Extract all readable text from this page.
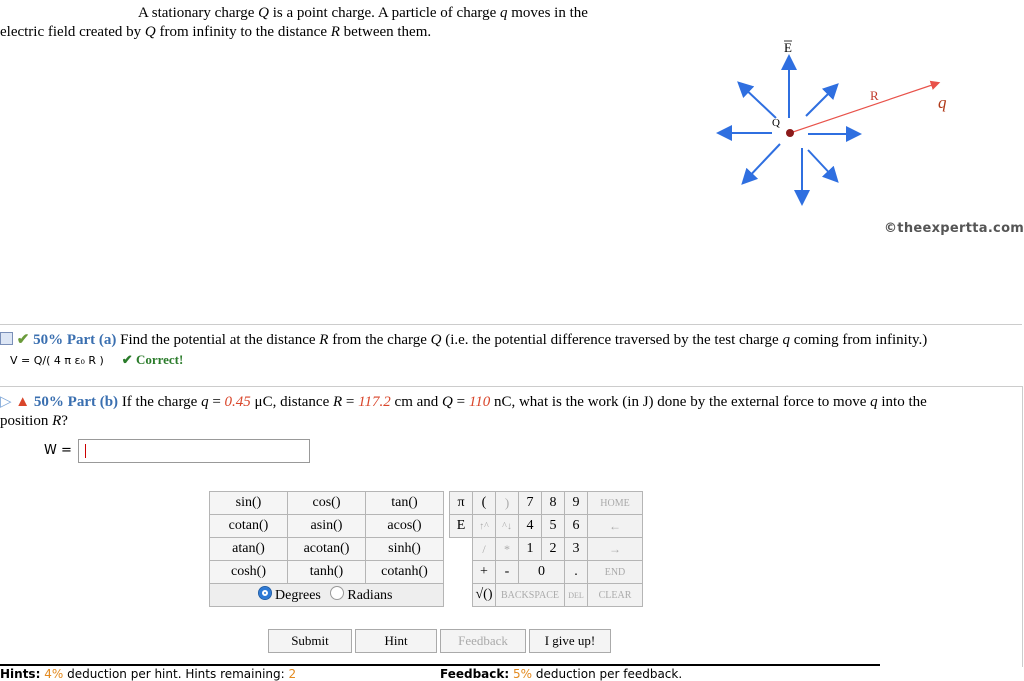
A stationary charge Q is a point charge. A particle of charge q moves in the
electric field created by Q from infinity to the distance R between them.
E
Q
R	q
©theexpertta.com
✔ 50% Part (a) Find the potential at the distance R from the charge Q (i.e. the potential difference traversed by the test charge q coming from infinity.)
V = Q/( 4 π ε₀ R ) ✔ Correct!
▷ ▲ 50% Part (b) If the charge q = 0.45 μC, distance R = 117.2 cm and Q = 110 nC, what is the work (in J) done by the external force to move q into the
position R?
W =
sin()	cos()	tan()
cotan()	asin()	acos()
atan()	acotan()	sinh()
cosh()	tanh()	cotanh()
Degrees Radians		
π	(	)	7	8	9	HOME
E	↑^	^↓	4	5	6	←
	/	*	1	2	3	→
	+	-	0		.	END
	√()	BACKSPACE			DEL	CLEAR
Submit	Hint	Feedback	I give up!
Hints: 4% deduction per hint. Hints remaining: 2	Feedback: 5% deduction per feedback.
